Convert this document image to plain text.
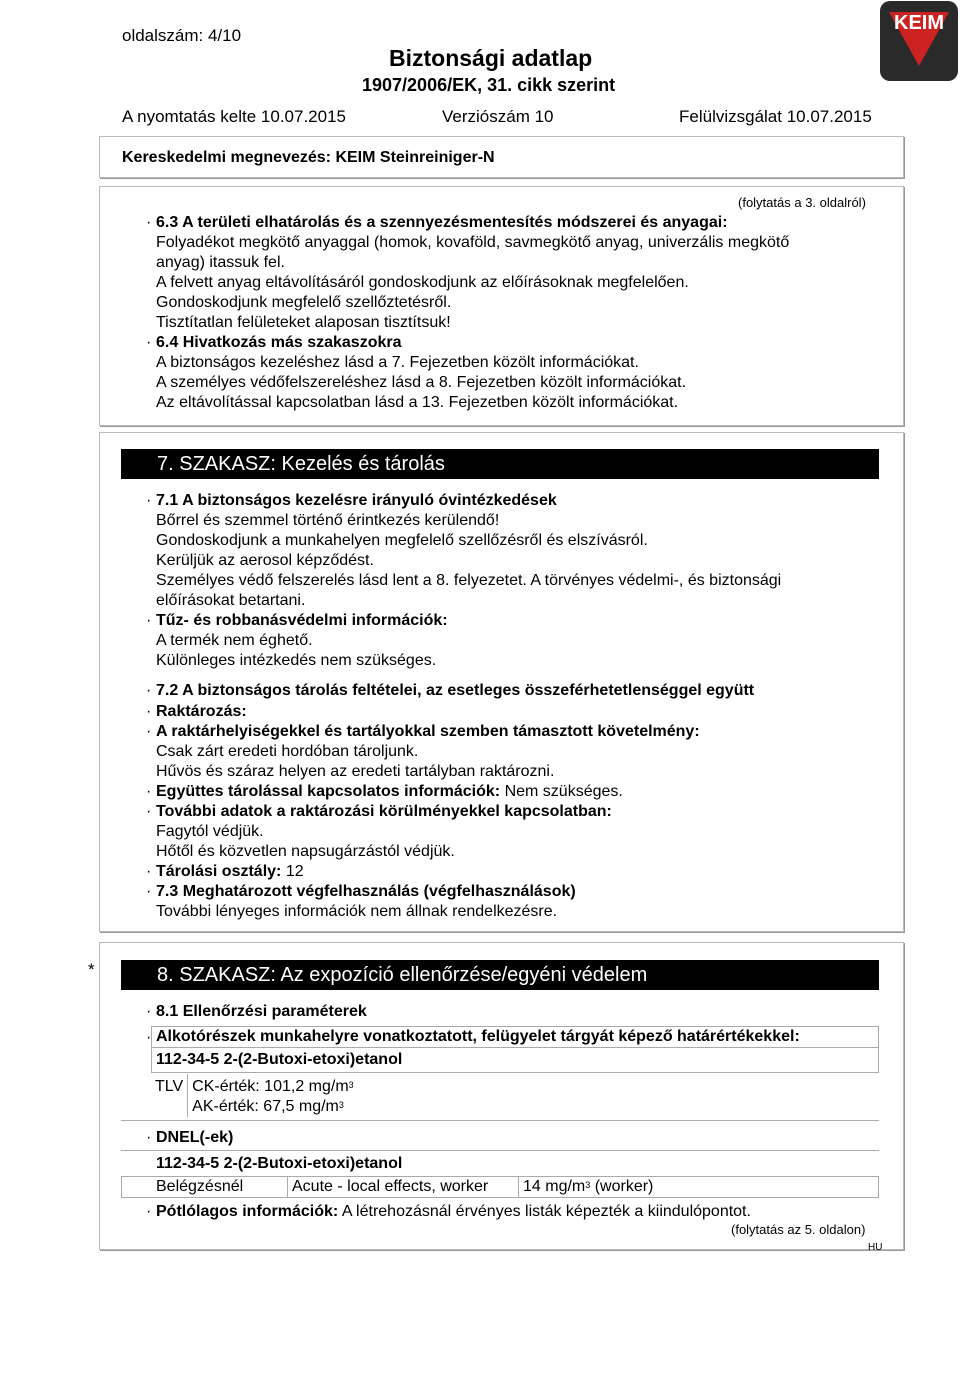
oldalszám: 4/10
Biztonsági adatlap
1907/2006/EK, 31. cikk szerint
A nyomtatás kelte 10.07.2015	Verziószám 10	Felülvizsgálat 10.07.2015
KEIM
Kereskedelmi megnevezés: KEIM Steinreiniger-N
(folytatás a 3. oldalról)
· 6.3 A területi elhatárolás és a szennyezésmentesítés módszerei és anyagai:
Folyadékot megkötő anyaggal (homok, kovaföld, savmegkötő anyag, univerzális megkötő
anyag) itassuk fel.
A felvett anyag eltávolításáról gondoskodjunk az előírásoknak megfelelően.
Gondoskodjunk megfelelő szellőztetésről.
Tisztítatlan felületeket alaposan tisztítsuk!
· 6.4 Hivatkozás más szakaszokra
A biztonságos kezeléshez lásd a 7. Fejezetben közölt információkat.
A személyes védőfelszereléshez lásd a 8. Fejezetben közölt információkat.
Az eltávolítással kapcsolatban lásd a 13. Fejezetben közölt információkat.
7. SZAKASZ: Kezelés és tárolás
· 7.1 A biztonságos kezelésre irányuló óvintézkedések
Bőrrel és szemmel történő érintkezés kerülendő!
Gondoskodjunk a munkahelyen megfelelő szellőzésről és elszívásról.
Kerüljük az aerosol képződést.
Személyes védő felszerelés lásd lent a 8. felyezetet. A törvényes védelmi-, és biztonsági
előírásokat betartani.
· Tűz- és robbanásvédelmi információk:
A termék nem éghető.
Különleges intézkedés nem szükséges.
· 7.2 A biztonságos tárolás feltételei, az esetleges összeférhetetlenséggel együtt
· Raktározás:
· A raktárhelyiségekkel és tartályokkal szemben támasztott követelmény:
Csak zárt eredeti hordóban tároljunk.
Hűvös és száraz helyen az eredeti tartályban raktározni.
· Együttes tárolással kapcsolatos információk: Nem szükséges.
· További adatok a raktározási körülményekkel kapcsolatban:
Fagytól védjük.
Hőtől és közvetlen napsugárzástól védjük.
· Tárolási osztály: 12
· 7.3 Meghatározott végfelhasználás (végfelhasználások)
További lényeges információk nem állnak rendelkezésre.
*	8. SZAKASZ: Az expozíció ellenőrzése/egyéni védelem
· 8.1 Ellenőrzési paraméterek
· Alkotórészek munkahelyre vonatkoztatott, felügyelet tárgyát képező határértékekkel:
112-34-5 2-(2-Butoxi-etoxi)etanol
TLV	CK-érték: 101,2 $mg/m^3$
AK-érték: 67,5 $mg/m^3$
· DNEL(-ek)
112-34-5 2-(2-Butoxi-etoxi)etanol
Belégzésnél	Acute - local effects, worker	14 $mg/m^3$ (worker)
· Pótlólagos információk: A létrehozásnál érvényes listák képezték a kiindulópontot.
(folytatás az 5. oldalon)
HU
